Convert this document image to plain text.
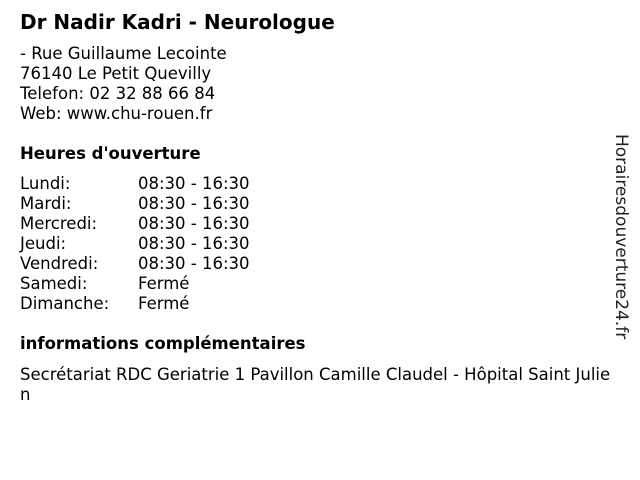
Dr Nadir Kadri - Neurologue
- Rue Guillaume Lecointe
76140 Le Petit Quevilly
Telefon: 02 32 88 66 84
Web: www.chu-rouen.fr
Heures d'ouverture
Lundi:	08:30 - 16:30
Mardi:	08:30 - 16:30
Mercredi: 08:30 - 16:30
Jeudi:	08:30 - 16:30
Vendredi: 08:30 - 16:30
Samedi:	Fermé
Dimanche: Fermé
informations complémentaires
Secrétariat RDC Geriatrie 1 Pavillon Camille Claudel - Hôpital Saint Julien
Horairesdouverture24.fr
